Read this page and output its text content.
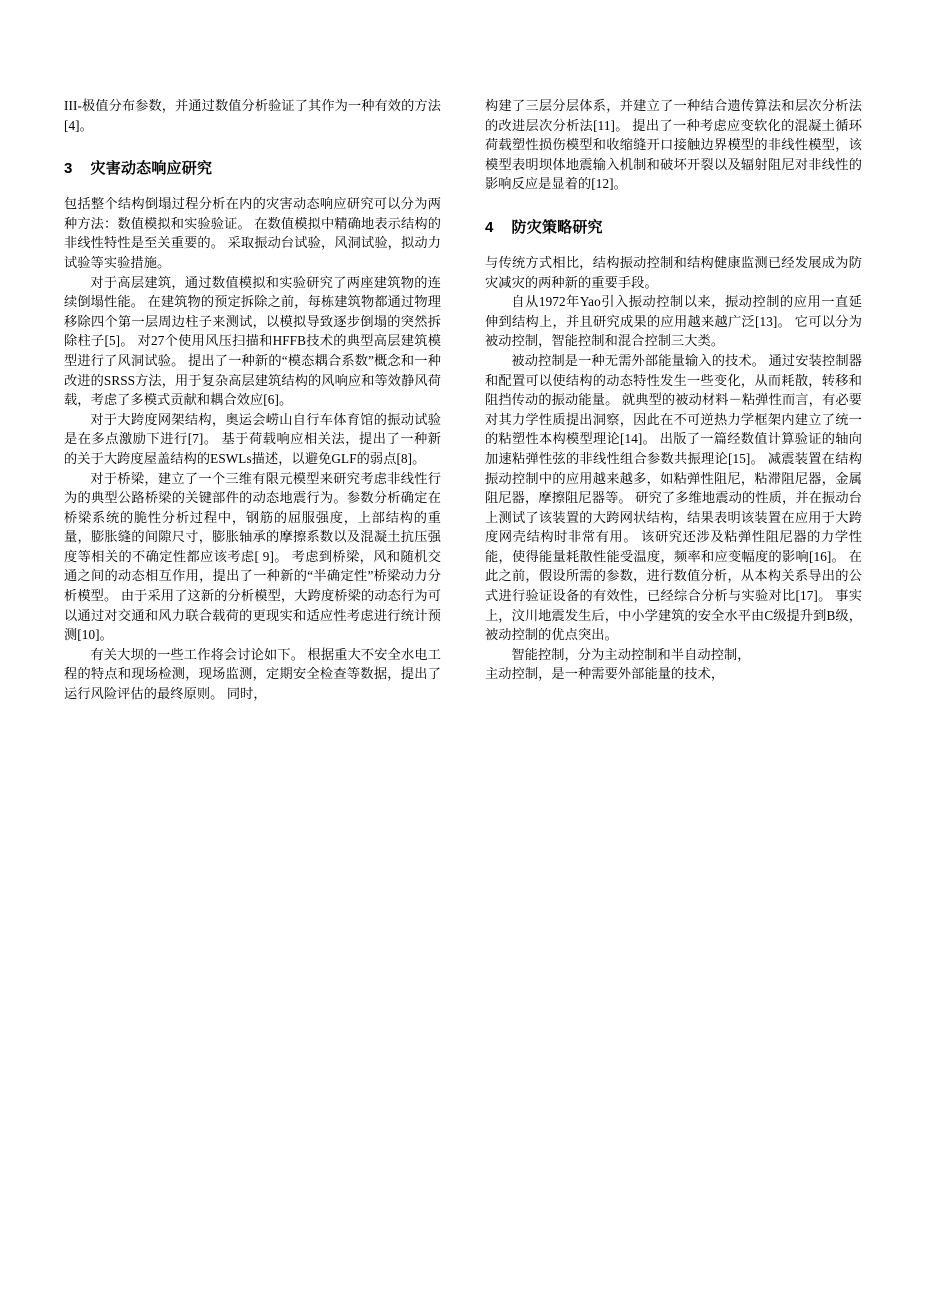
III-极值分布参数，并通过数值分析验证了其作为一种有效的方法[4]。

3 灾害动态响应研究

包括整个结构倒塌过程分析在内的灾害动态响应研究可以分为两种方法：数值模拟和实验验证。 在数值模拟中精确地表示结构的非线性特性是至关重要的。 采取振动台试验，风洞试验，拟动力试验等实验措施。

对于高层建筑，通过数值模拟和实验研究了两座建筑物的连续倒塌性能。 在建筑物的预定拆除之前，每栋建筑物都通过物理移除四个第一层周边柱子来测试，以模拟导致逐步倒塌的突然拆除柱子[5]。 对27个使用风压扫描和HFFB技术的典型高层建筑模型进行了风洞试验。 提出了一种新的“模态耦合系数”概念和一种改进的SRSS方法，用于复杂高层建筑结构的风响应和等效静风荷载，考虑了多模式贡献和耦合效应[6]。

对于大跨度网架结构，奥运会崂山自行车体育馆的振动试验是在多点激励下进行[7]。 基于荷载响应相关法，提出了一种新的关于大跨度屋盖结构的ESWLs描述，以避免GLF的弱点[8]。

对于桥梁，建立了一个三维有限元模型来研究考虑非线性行为的典型公路桥梁的关键部件的动态地震行为。参数分析确定在桥梁系统的脆性分析过程中，钢筋的屈服强度，上部结构的重量，膨胀缝的间隙尺寸，膨胀轴承的摩擦系数以及混凝土抗压强度等相关的不确定性都应该考虑[ 9]。 考虑到桥梁，风和随机交通之间的动态相互作用，提出了一种新的“半确定性”桥梁动力分析模型。 由于采用了这新的分析模型，大跨度桥梁的动态行为可以通过对交通和风力联合载荷的更现实和适应性考虑进行统计预测[10]。

有关大坝的一些工作将会讨论如下。 根据重大不安全水电工程的特点和现场检测，现场监测，定期安全检查等数据，提出了运行风险评估的最终原则。 同时，

构建了三层分层体系，并建立了一种结合遗传算法和层次分析法的改进层次分析法[11]。 提出了一种考虑应变软化的混凝土循环荷载塑性损伤模型和收缩缝开口接触边界模型的非线性模型，该模型表明坝体地震输入机制和破坏开裂以及辐射阻尼对非线性的影响反应是显着的[12]。

4 防灾策略研究

与传统方式相比，结构振动控制和结构健康监测已经发展成为防灾减灾的两种新的重要手段。

自从1972年Yao引入振动控制以来，振动控制的应用一直延伸到结构上，并且研究成果的应用越来越广泛[13]。 它可以分为被动控制，智能控制和混合控制三大类。

被动控制是一种无需外部能量输入的技术。 通过安装控制器和配置可以使结构的动态特性发生一些变化，从而耗散，转移和阻挡传动的振动能量。 就典型的被动材料－粘弹性而言，有必要对其力学性质提出洞察，因此在不可逆热力学框架内建立了统一的粘塑性本构模型理论[14]。 出版了一篇经数值计算验证的轴向加速粘弹性弦的非线性组合参数共振理论[15]。 减震装置在结构振动控制中的应用越来越多，如粘弹性阻尼，粘滞阻尼器，金属阻尼器，摩擦阻尼器等。 研究了多维地震动的性质，并在振动台上测试了该装置的大跨网状结构，结果表明该装置在应用于大跨度网壳结构时非常有用。 该研究还涉及粘弹性阻尼器的力学性能，使得能量耗散性能受温度，频率和应变幅度的影响[16]。 在此之前，假设所需的参数，进行数值分析，从本构关系导出的公式进行验证设备的有效性，已经综合分析与实验对比[17]。 事实上，汶川地震发生后，中小学建筑的安全水平由C级提升到B级，被动控制的优点突出。

智能控制，分为主动控制和半自动控制，

主动控制，是一种需要外部能量的技术，
